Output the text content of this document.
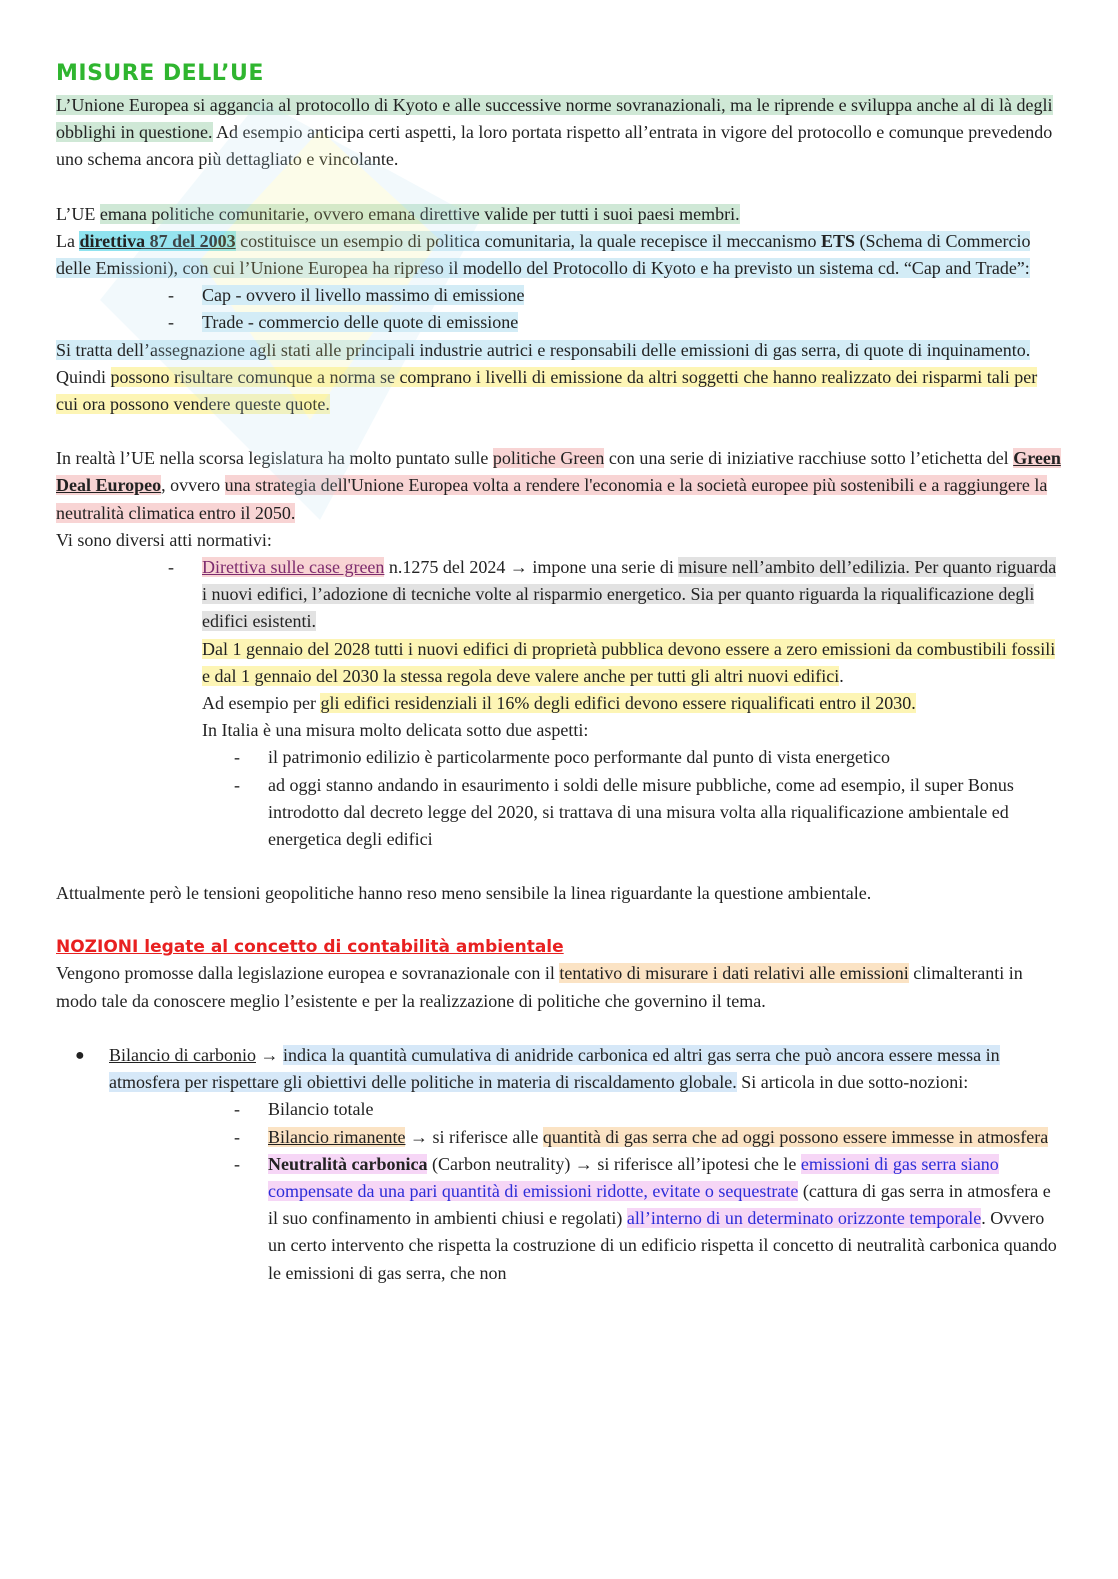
MISURE DELL’UE

L’Unione Europea si aggancia al protocollo di Kyoto e alle successive norme sovranazionali, ma le riprende e sviluppa anche al di là degli obblighi in questione. Ad esempio anticipa certi aspetti, la loro portata rispetto all’entrata in vigore del protocollo e comunque prevedendo uno schema ancora più dettagliato e vincolante.

L’UE emana politiche comunitarie, ovvero emana direttive valide per tutti i suoi paesi membri.

La direttiva 87 del 2003 costituisce un esempio di politica comunitaria, la quale recepisce il meccanismo ETS (Schema di Commercio delle Emissioni), con cui l’Unione Europea ha ripreso il modello del Protocollo di Kyoto e ha previsto un sistema cd. “Cap and Trade”:

- Cap - ovvero il livello massimo di emissione
- Trade - commercio delle quote di emissione

Si tratta dell’assegnazione agli stati alle principali industrie autrici e responsabili delle emissioni di gas serra, di quote di inquinamento. Quindi possono risultare comunque a norma se comprano i livelli di emissione da altri soggetti che hanno realizzato dei risparmi tali per cui ora possono vendere queste quote.

In realtà l’UE nella scorsa legislatura ha molto puntato sulle politiche Green con una serie di iniziative racchiuse sotto l’etichetta del Green Deal Europeo, ovvero una strategia dell'Unione Europea volta a rendere l'economia e la società europee più sostenibili e a raggiungere la neutralità climatica entro il 2050.

Vi sono diversi atti normativi:

- Direttiva sulle case green n.1275 del 2024 → impone una serie di misure nell’ambito dell’edilizia. Per quanto riguarda i nuovi edifici, l’adozione di tecniche volte al risparmio energetico. Sia per quanto riguarda la riqualificazione degli edifici esistenti.
Dal 1 gennaio del 2028 tutti i nuovi edifici di proprietà pubblica devono essere a zero emissioni da combustibili fossili e dal 1 gennaio del 2030 la stessa regola deve valere anche per tutti gli altri nuovi edifici.
Ad esempio per gli edifici residenziali il 16% degli edifici devono essere riqualificati entro il 2030.
In Italia è una misura molto delicata sotto due aspetti:
- il patrimonio edilizio è particolarmente poco performante dal punto di vista energetico
- ad oggi stanno andando in esaurimento i soldi delle misure pubbliche, come ad esempio, il super Bonus introdotto dal decreto legge del 2020, si trattava di una misura volta alla riqualificazione ambientale ed energetica degli edifici

Attualmente però le tensioni geopolitiche hanno reso meno sensibile la linea riguardante la questione ambientale.

NOZIONI legate al concetto di contabilità ambientale

Vengono promosse dalla legislazione europea e sovranazionale con il tentativo di misurare i dati relativi alle emissioni climalteranti in modo tale da conoscere meglio l’esistente e per la realizzazione di politiche che governino il tema.

● Bilancio di carbonio → indica la quantità cumulativa di anidride carbonica ed altri gas serra che può ancora essere messa in atmosfera per rispettare gli obiettivi delle politiche in materia di riscaldamento globale. Si articola in due sotto-nozioni:
- Bilancio totale
- Bilancio rimanente → si riferisce alle quantità di gas serra che ad oggi possono essere immesse in atmosfera
- Neutralità carbonica (Carbon neutrality) → si riferisce all’ipotesi che le emissioni di gas serra siano compensate da una pari quantità di emissioni ridotte, evitate o sequestrate (cattura di gas serra in atmosfera e il suo confinamento in ambienti chiusi e regolati) all’interno di un determinato orizzonte temporale. Ovvero un certo intervento che rispetta la costruzione di un edificio rispetta il concetto di neutralità carbonica quando le emissioni di gas serra, che non
